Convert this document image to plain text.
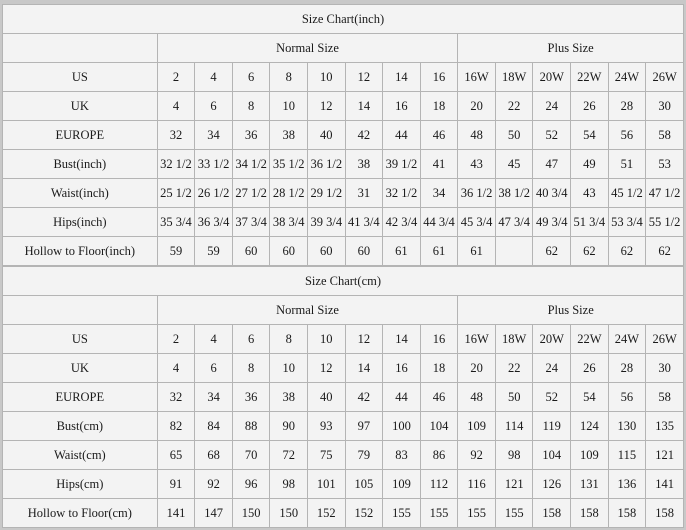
Size Chart(inch)														
	Normal Size								Plus Size					
US	2	4	6	8	10	12	14	16	16W	18W	20W	22W	24W	26W
UK	4	6	8	10	12	14	16	18	20	22	24	26	28	30
EUROPE	32	34	36	38	40	42	44	46	48	50	52	54	56	58
Bust(inch)	32 1/2	33 1/2	34 1/2	35 1/2	36 1/2	38	39 1/2	41	43	45	47	49	51	53
Waist(inch)	25 1/2	26 1/2	27 1/2	28 1/2	29 1/2	31	32 1/2	34	36 1/2	38 1/2	40 3/4	43	45 1/2	47 1/2
Hips(inch)	35 3/4	36 3/4	37 3/4	38 3/4	39 3/4	41 3/4	42 3/4	44 3/4	45 3/4	47 3/4	49 3/4	51 3/4	53 3/4	55 1/2
Hollow to Floor(inch)	59	59	60	60	60	60	61	61	61		62	62	62	62
Size Chart(cm)														
	Normal Size								Plus Size					
US	2	4	6	8	10	12	14	16	16W	18W	20W	22W	24W	26W
UK	4	6	8	10	12	14	16	18	20	22	24	26	28	30
EUROPE	32	34	36	38	40	42	44	46	48	50	52	54	56	58
Bust(cm)	82	84	88	90	93	97	100	104	109	114	119	124	130	135
Waist(cm)	65	68	70	72	75	79	83	86	92	98	104	109	115	121
Hips(cm)	91	92	96	98	101	105	109	112	116	121	126	131	136	141
Hollow to Floor(cm)	141	147	150	150	152	152	155	155	155	155	158	158	158	158
